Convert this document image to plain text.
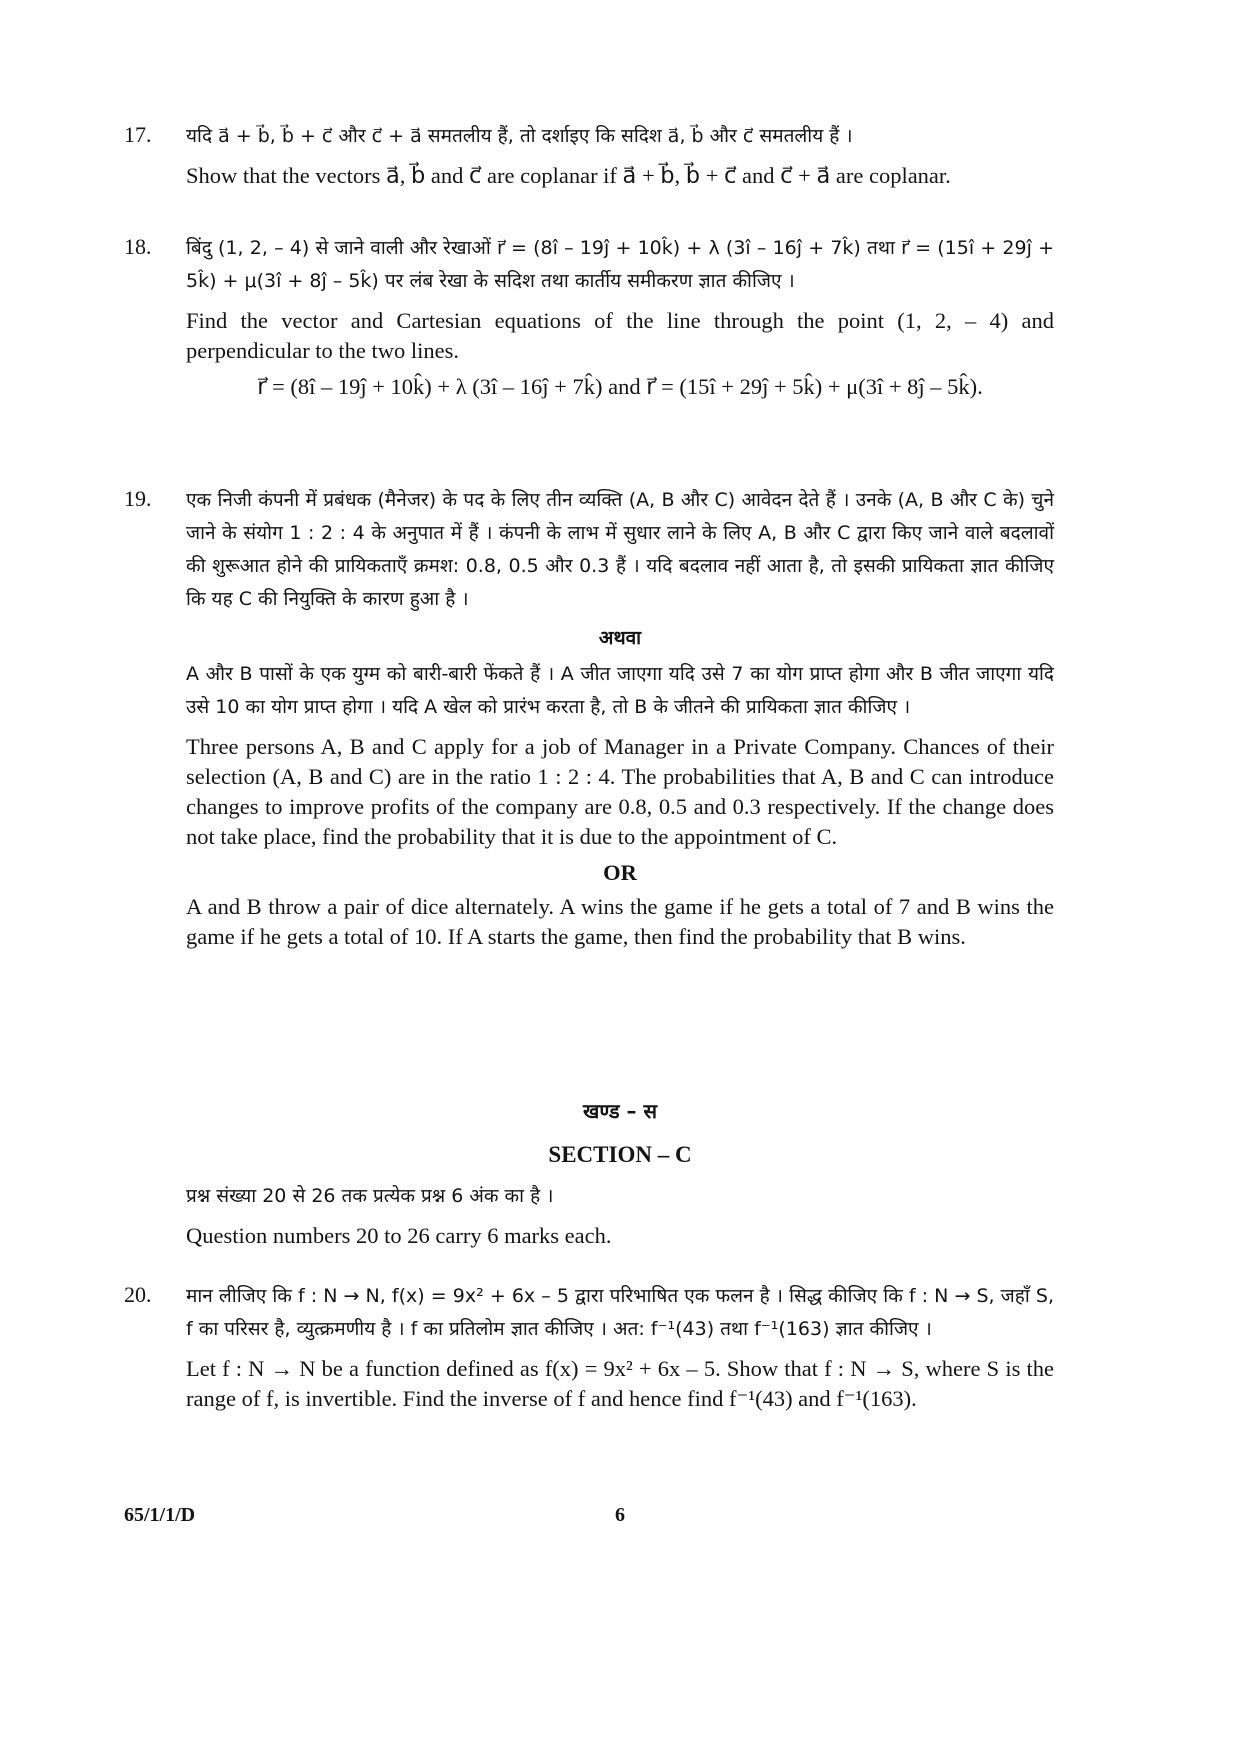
17. यदि a⃗ + b⃗, b⃗ + c⃗ और c⃗ + a⃗ समतलीय हैं, तो दर्शाइए कि सदिश a⃗, b⃗ और c⃗ समतलीय हैं ।

Show that the vectors a⃗, b⃗ and c⃗ are coplanar if a⃗ + b⃗, b⃗ + c⃗ and c⃗ + a⃗ are coplanar.

18. बिंदु (1, 2, – 4) से जाने वाली और रेखाओं r⃗ = (8î – 19ĵ + 10k̂) + λ (3î – 16ĵ + 7k̂) तथा r⃗ = (15î + 29ĵ + 5k̂) + μ(3î + 8ĵ – 5k̂) पर लंब रेखा के सदिश तथा कार्तीय समीकरण ज्ञात कीजिए ।

Find the vector and Cartesian equations of the line through the point (1, 2, – 4) and perpendicular to the two lines.

r⃗ = (8î – 19ĵ + 10k̂) + λ (3î – 16ĵ + 7k̂) and r⃗ = (15î + 29ĵ + 5k̂) + μ(3î + 8ĵ – 5k̂).

19. एक निजी कंपनी में प्रबंधक (मैनेजर) के पद के लिए तीन व्यक्ति (A, B और C) आवेदन देते हैं । उनके (A, B और C के) चुने जाने के संयोग 1 : 2 : 4 के अनुपात में हैं । कंपनी के लाभ में सुधार लाने के लिए A, B और C द्वारा किए जाने वाले बदलावों की शुरूआत होने की प्रायिकताएँ क्रमश: 0.8, 0.5 और 0.3 हैं । यदि बदलाव नहीं आता है, तो इसकी प्रायिकता ज्ञात कीजिए कि यह C की नियुक्ति के कारण हुआ है ।

अथवा

A और B पासों के एक युग्म को बारी-बारी फेंकते हैं । A जीत जाएगा यदि उसे 7 का योग प्राप्त होगा और B जीत जाएगा यदि उसे 10 का योग प्राप्त होगा । यदि A खेल को प्रारंभ करता है, तो B के जीतने की प्रायिकता ज्ञात कीजिए ।

Three persons A, B and C apply for a job of Manager in a Private Company. Chances of their selection (A, B and C) are in the ratio 1 : 2 : 4. The probabilities that A, B and C can introduce changes to improve profits of the company are 0.8, 0.5 and 0.3 respectively. If the change does not take place, find the probability that it is due to the appointment of C.

OR

A and B throw a pair of dice alternately. A wins the game if he gets a total of 7 and B wins the game if he gets a total of 10. If A starts the game, then find the probability that B wins.

खण्ड – स
SECTION – C

प्रश्न संख्या 20 से 26 तक प्रत्येक प्रश्न 6 अंक का है ।

Question numbers 20 to 26 carry 6 marks each.

20. मान लीजिए कि f : N → N, f(x) = 9x² + 6x – 5 द्वारा परिभाषित एक फलन है । सिद्ध कीजिए कि f : N → S, जहाँ S, f का परिसर है, व्युत्क्रमणीय है । f का प्रतिलोम ज्ञात कीजिए । अत: f⁻¹(43) तथा f⁻¹(163) ज्ञात कीजिए ।

Let f : N → N be a function defined as f(x) = 9x² + 6x – 5. Show that f : N → S, where S is the range of f, is invertible. Find the inverse of f and hence find f⁻¹(43) and f⁻¹(163).

65/1/1/D	6
